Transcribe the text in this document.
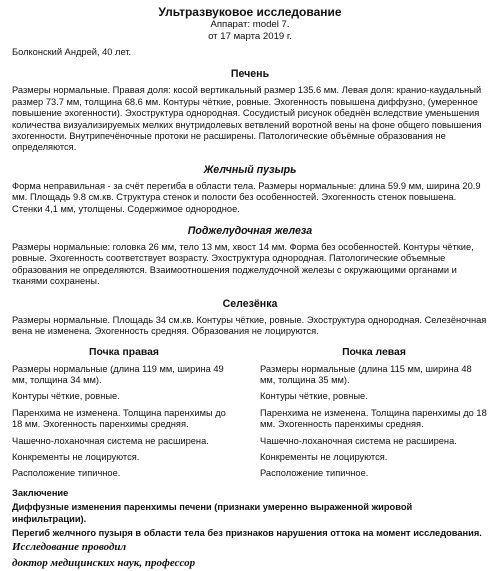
Ультразвуковое исследование
Аппарат: model 7.
от 17 марта 2019 г.
Болконский Андрей, 40 лет.
Печень

Размеры нормальные. Правая доля: косой вертикальный размер 135.6 мм. Левая доля: кранио-каудальный размер 73.7 мм, толщина 68.6 мм. Контуры чёткие, ровные. Эхогенность повышена диффузно, (умеренное повышение эхогенности). Эхоструктура однородная. Сосудистый рисунок обеднён вследствие уменьшения количества визуализируемых мелких внутридолевых ветвлений воротной вены на фоне общего повышения эхогенности. Внутрипечёночные протоки не расширены. Патологические объёмные образования не определяются.

Желчный пузырь

Форма неправильная - за счёт перегиба в области тела. Размеры нормальные: длина 59.9 мм, ширина 20.9 мм. Площадь 9.8 см.кв. Структура стенок и полости без особенностей. Эхогенность стенок повышена. Стенки 4,1 мм, утолщены. Содержимое однородное.

Поджелудочная железа

Размеры нормальные: головка 26 мм, тело 13 мм, хвост 14 мм. Форма без особенностей. Контуры чёткие, ровные. Эхогенность соответствует возрасту. Эхоструктура однородная. Патологические объемные образования не определяются. Взаимоотношения поджелудочной железы с окружающими органами и тканями сохранены.

Селезёнка

Размеры нормальные. Площадь 34 см.кв. Контуры чёткие, ровные. Эхоструктура однородная. Селезёночная вена не изменена. Эхогенность средняя. Образования не лоцируются.

Почка правая

Размеры нормальные (длина 119 мм, ширина 49 мм, толщина 34 мм).

Контуры чёткие, ровные.

Паренхима не изменена. Толщина паренхимы до 18 мм. Эхогенность паренхимы средняя.

Чашечно-лоханочная система не расширена.

Конкременты не лоцируются.

Расположение типичное.

Почка левая

Размеры нормальные (длина 115 мм, ширина 48 мм, толщина 35 мм).

Контуры чёткие, ровные.

Паренхима не изменена. Толщина паренхимы до 18 мм. Эхогенность паренхимы средняя.

Чашечно-лоханочная система не расширена.

Конкременты не лоцируются.

Расположение типичное.

Заключение

Диффузные изменения паренхимы печени (признаки умеренно выраженной жировой инфильтрации).

Перегиб желчного пузыря в области тела без признаков нарушения оттока на момент исследования.

Исследование проводил
доктор медицинских наук, профессор
